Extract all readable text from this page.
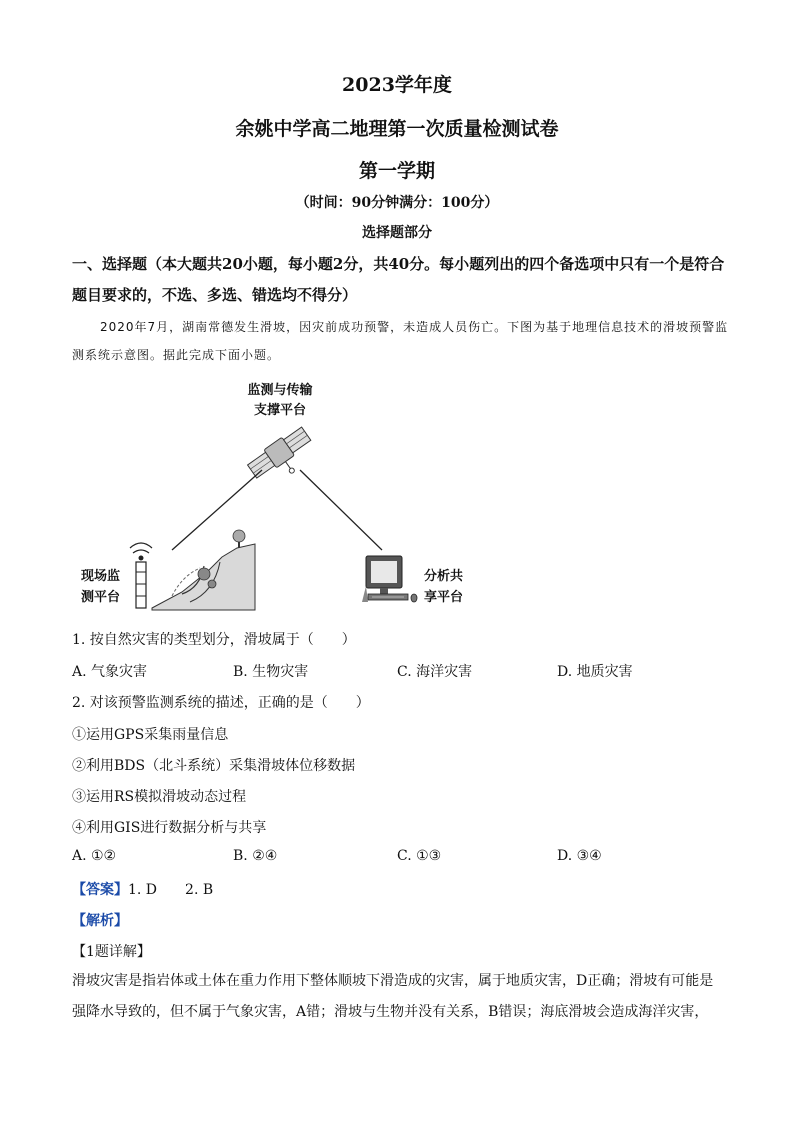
2023学年度
余姚中学高二地理第一次质量检测试卷
第一学期
（时间：90分钟满分：100分）
选择题部分
一、选择题（本大题共20小题，每小题2分，共40分。每小题列出的四个备选项中只有一个是符合题目要求的，不选、多选、错选均不得分）
2020年7月，湖南常德发生滑坡，因灾前成功预警，未造成人员伤亡。下图为基于地理信息技术的滑坡预警监测系统示意图。据此完成下面小题。
监测与传输
支撑平台
现场监
测平台
分析共
享平台
1. 按自然灾害的类型划分，滑坡属于（　　）
A. 气象灾害	B. 生物灾害	C. 海洋灾害	D. 地质灾害
2. 对该预警监测系统的描述，正确的是（　　）
①运用GPS采集雨量信息
②利用BDS（北斗系统）采集滑坡体位移数据
③运用RS模拟滑坡动态过程
④利用GIS进行数据分析与共享
A. ①②	B. ②④	C. ①③	D. ③④
【答案】1. D　　2. B
【解析】
【1题详解】
滑坡灾害是指岩体或土体在重力作用下整体顺坡下滑造成的灾害，属于地质灾害，D正确；滑坡有可能是强降水导致的，但不属于气象灾害，A错；滑坡与生物并没有关系，B错误；海底滑坡会造成海洋灾害，
